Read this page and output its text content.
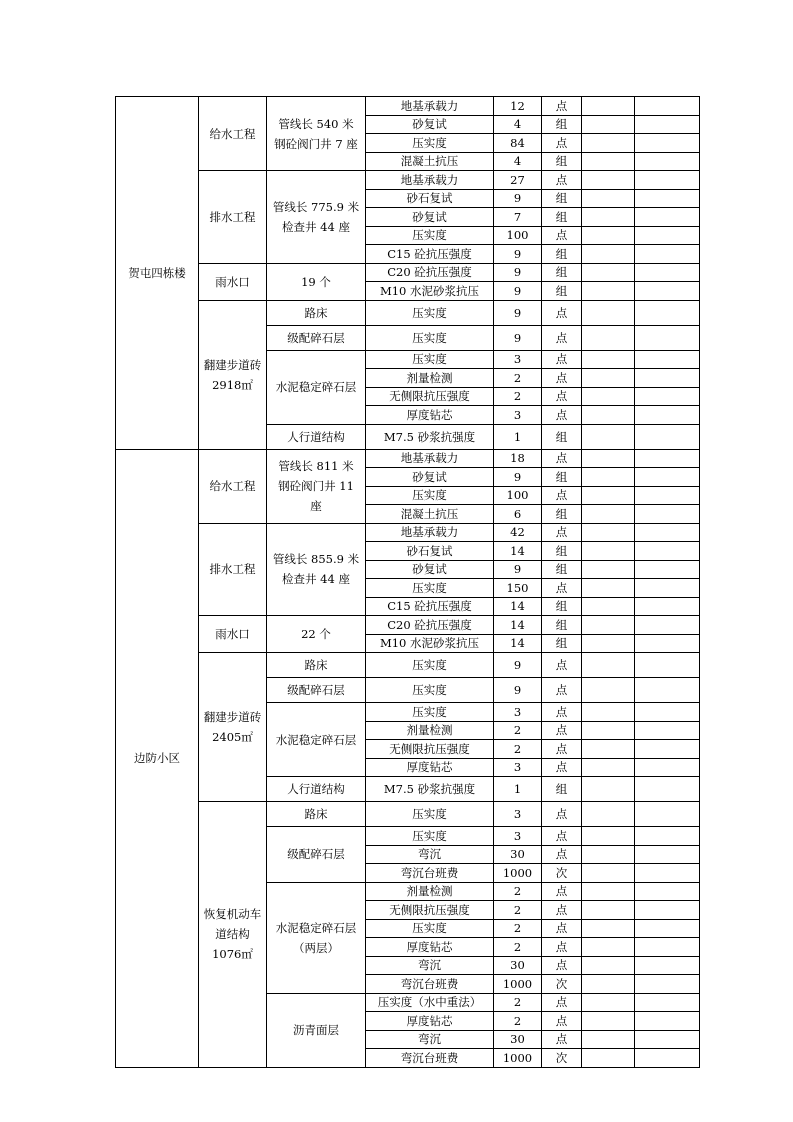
贺屯四栋楼	给水工程	管线长 540 米 钢砼阀门井 7 座	地基承载力	12	点		
			砂复试	4	组		
			压实度	84	点		
			混凝土抗压	4	组		
	排水工程	管线长 775.9 米 检查井 44 座	地基承载力	27	点		
			砂石复试	9	组		
			砂复试	7	组		
			压实度	100	点		
			C15 砼抗压强度	9	组		
	雨水口	19 个	C20 砼抗压强度	9	组		
			M10 水泥砂浆抗压	9	组		
	翻建步道砖 2918㎡	路床	压实度	9	点		
		级配碎石层	压实度	9	点		
		水泥稳定碎石层	压实度	3	点		
			剂量检测	2	点		
			无侧限抗压强度	2	点		
			厚度钻芯	3	点		
		人行道结构	M7.5 砂浆抗强度	1	组		
边防小区	给水工程	管线长 811 米 钢砼阀门井 11 座	地基承载力	18	点		
			砂复试	9	组		
			压实度	100	点		
			混凝土抗压	6	组		
	排水工程	管线长 855.9 米 检查井 44 座	地基承载力	42	点		
			砂石复试	14	组		
			砂复试	9	组		
			压实度	150	点		
			C15 砼抗压强度	14	组		
	雨水口	22 个	C20 砼抗压强度	14	组		
			M10 水泥砂浆抗压	14	组		
	翻建步道砖 2405㎡	路床	压实度	9	点		
		级配碎石层	压实度	9	点		
		水泥稳定碎石层	压实度	3	点		
			剂量检测	2	点		
			无侧限抗压强度	2	点		
			厚度钻芯	3	点		
		人行道结构	M7.5 砂浆抗强度	1	组		
	恢复机动车道结构 1076㎡	路床	压实度	3	点		
		级配碎石层	压实度	3	点		
			弯沉	30	点		
			弯沉台班费	1000	次		
		水泥稳定碎石层（两层）	剂量检测	2	点		
			无侧限抗压强度	2	点		
			压实度	2	点		
			厚度钻芯	2	点		
			弯沉	30	点		
			弯沉台班费	1000	次		
		沥青面层	压实度（水中重法）	2	点		
			厚度钻芯	2	点		
			弯沉	30	点		
			弯沉台班费	1000	次		
